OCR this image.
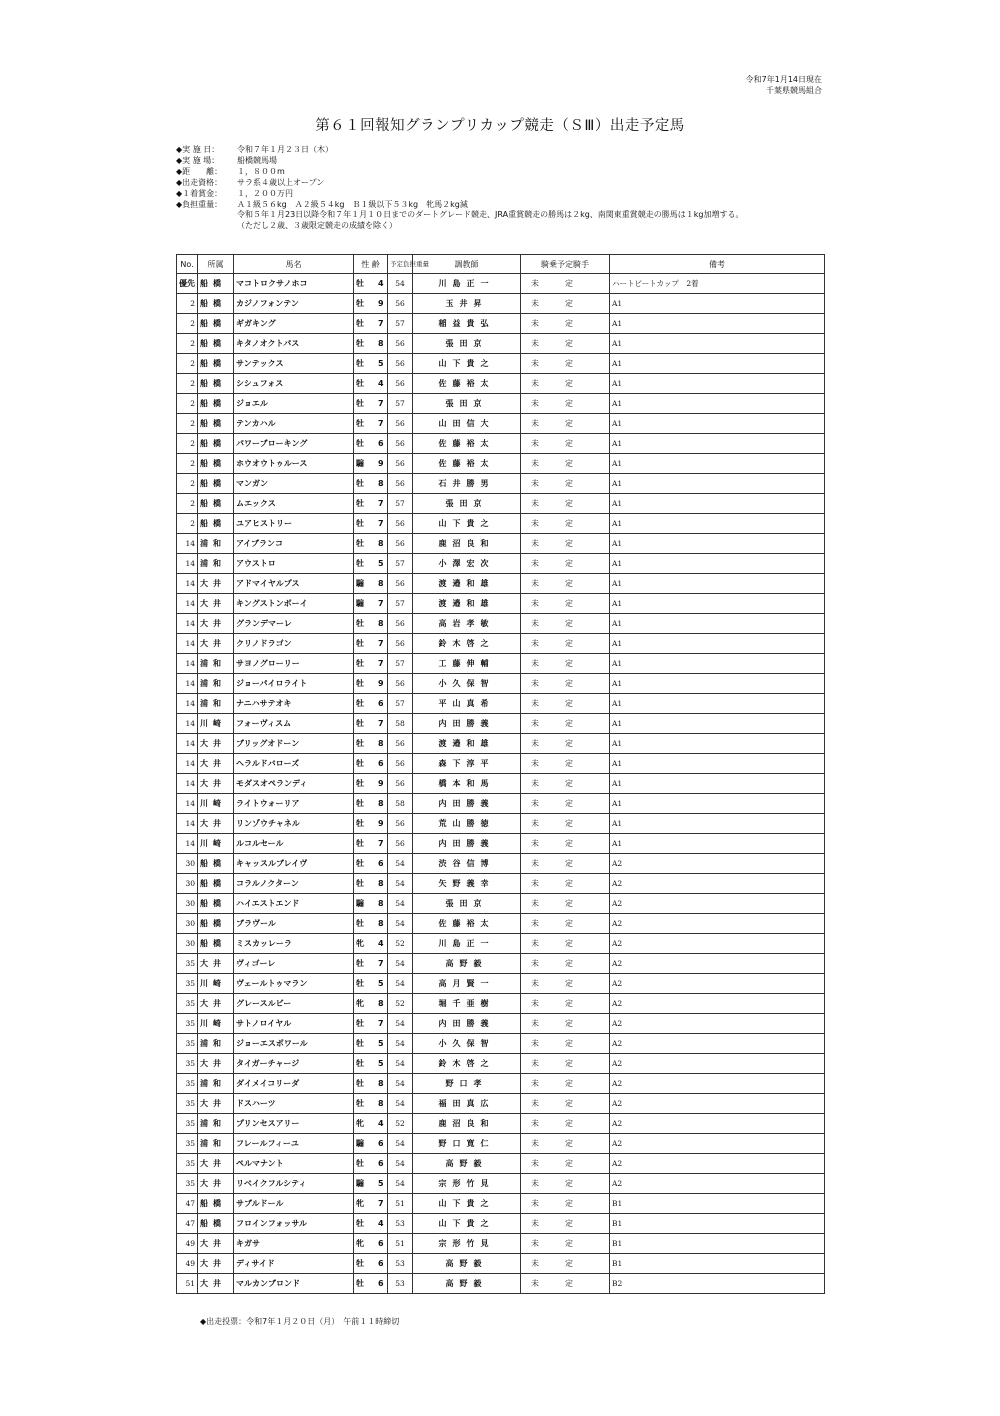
令和7年1月14日現在
千葉県競馬組合
第６１回報知グランプリカップ競走（ＳⅢ）出走予定馬
◆実 施 日：	令和７年１月２３日（木）
◆実 施 場：	船橋競馬場
◆距　　離：	１，８００m
◆出走資格：	サラ系４歳以上オープン
◆１着賞金：	１，２００万円
◆負担重量：	Ａ１級５６kg　Ａ２級５４kg　Ｂ１級以下５３kg　牝馬２kg減
令和５年１月23日以降令和７年１月１０日までのダートグレード競走、JRA重賞競走の勝馬は２kg、南関東重賞競走の勝馬は１kg加増する。
（ただし２歳、３歳限定競走の成績を除く）
No.	所属	馬名	性 齢	予定負担重量	調教師	騎乗予定騎手	備考
優先	船橋	マコトロクサノホコ	牡 4	54	川島正一	未定	ハートビートカップ　2着
2	船橋	カジノフォンテン	牡 9	56	玉井昇	未定	A1
2	船橋	ギガキング	牡 7	57	稲益貴弘	未定	A1
2	船橋	キタノオクトパス	牡 8	56	張田京	未定	A1
2	船橋	サンテックス	牡 5	56	山下貴之	未定	A1
2	船橋	シシュフォス	牡 4	56	佐藤裕太	未定	A1
2	船橋	ジョエル	牡 7	57	張田京	未定	A1
2	船橋	テンカハル	牡 7	56	山田信大	未定	A1
2	船橋	パワーブローキング	牡 6	56	佐藤裕太	未定	A1
2	船橋	ホウオウトゥルース	騸 9	56	佐藤裕太	未定	A1
2	船橋	マンガン	牡 8	56	石井勝男	未定	A1
2	船橋	ムエックス	牡 7	57	張田京	未定	A1
2	船橋	ユアヒストリー	牡 7	56	山下貴之	未定	A1
14	浦和	アイブランコ	牡 8	56	鹿沼良和	未定	A1
14	浦和	アウストロ	牡 5	57	小澤宏次	未定	A1
14	大井	アドマイヤルプス	騸 8	56	渡邉和雄	未定	A1
14	大井	キングストンボーイ	騸 7	57	渡邉和雄	未定	A1
14	大井	グランデマーレ	牡 8	56	高岩孝敏	未定	A1
14	大井	クリノドラゴン	牡 7	56	鈴木啓之	未定	A1
14	浦和	サヨノグローリー	牡 7	57	工藤伸輔	未定	A1
14	浦和	ジョーパイロライト	牡 9	56	小久保智	未定	A1
14	浦和	ナニハサテオキ	牡 6	57	平山真希	未定	A1
14	川崎	フォーヴィスム	牡 7	58	内田勝義	未定	A1
14	大井	ブリッグオドーン	牡 8	56	渡邉和雄	未定	A1
14	大井	ヘラルドバローズ	牡 6	56	森下淳平	未定	A1
14	大井	モダスオペランディ	牡 9	56	橋本和馬	未定	A1
14	川崎	ライトウォーリア	牡 8	58	内田勝義	未定	A1
14	大井	リンゾウチャネル	牡 9	56	荒山勝徳	未定	A1
14	川崎	ルコルセール	牡 7	56	内田勝義	未定	A1
30	船橋	キャッスルブレイヴ	牡 6	54	渋谷信博	未定	A2
30	船橋	コラルノクターン	牡 8	54	矢野義幸	未定	A2
30	船橋	ハイエストエンド	騸 8	54	張田京	未定	A2
30	船橋	ブラヴール	牡 8	54	佐藤裕太	未定	A2
30	船橋	ミスカッレーラ	牝 4	52	川島正一	未定	A2
35	大井	ヴィゴーレ	牡 7	54	高野毅	未定	A2
35	川崎	ヴェールトゥマラン	牡 5	54	高月賢一	未定	A2
35	大井	グレースルビー	牝 8	52	堀千亜樹	未定	A2
35	川崎	サトノロイヤル	牡 7	54	内田勝義	未定	A2
35	浦和	ジョーエスポワール	牡 5	54	小久保智	未定	A2
35	大井	タイガーチャージ	牡 5	54	鈴木啓之	未定	A2
35	浦和	ダイメイコリーダ	牡 8	54	野口孝	未定	A2
35	大井	ドスハーツ	牡 8	54	福田真広	未定	A2
35	浦和	プリンセスアリー	牝 4	52	鹿沼良和	未定	A2
35	浦和	フレールフィーユ	騸 6	54	野口寛仁	未定	A2
35	大井	ペルマナント	牡 6	54	高野毅	未定	A2
35	大井	リベイクフルシティ	騸 5	54	宗形竹見	未定	A2
47	船橋	サブルドール	牝 7	51	山下貴之	未定	B1
47	船橋	フロインフォッサル	牡 4	53	山下貴之	未定	B1
49	大井	キガサ	牝 6	51	宗形竹見	未定	B1
49	大井	ディサイド	牡 6	53	高野毅	未定	B1
51	大井	マルカンブロンド	牡 6	53	高野毅	未定	B2
◆出走投票：令和7年１月２０日（月）　午前１１時締切
